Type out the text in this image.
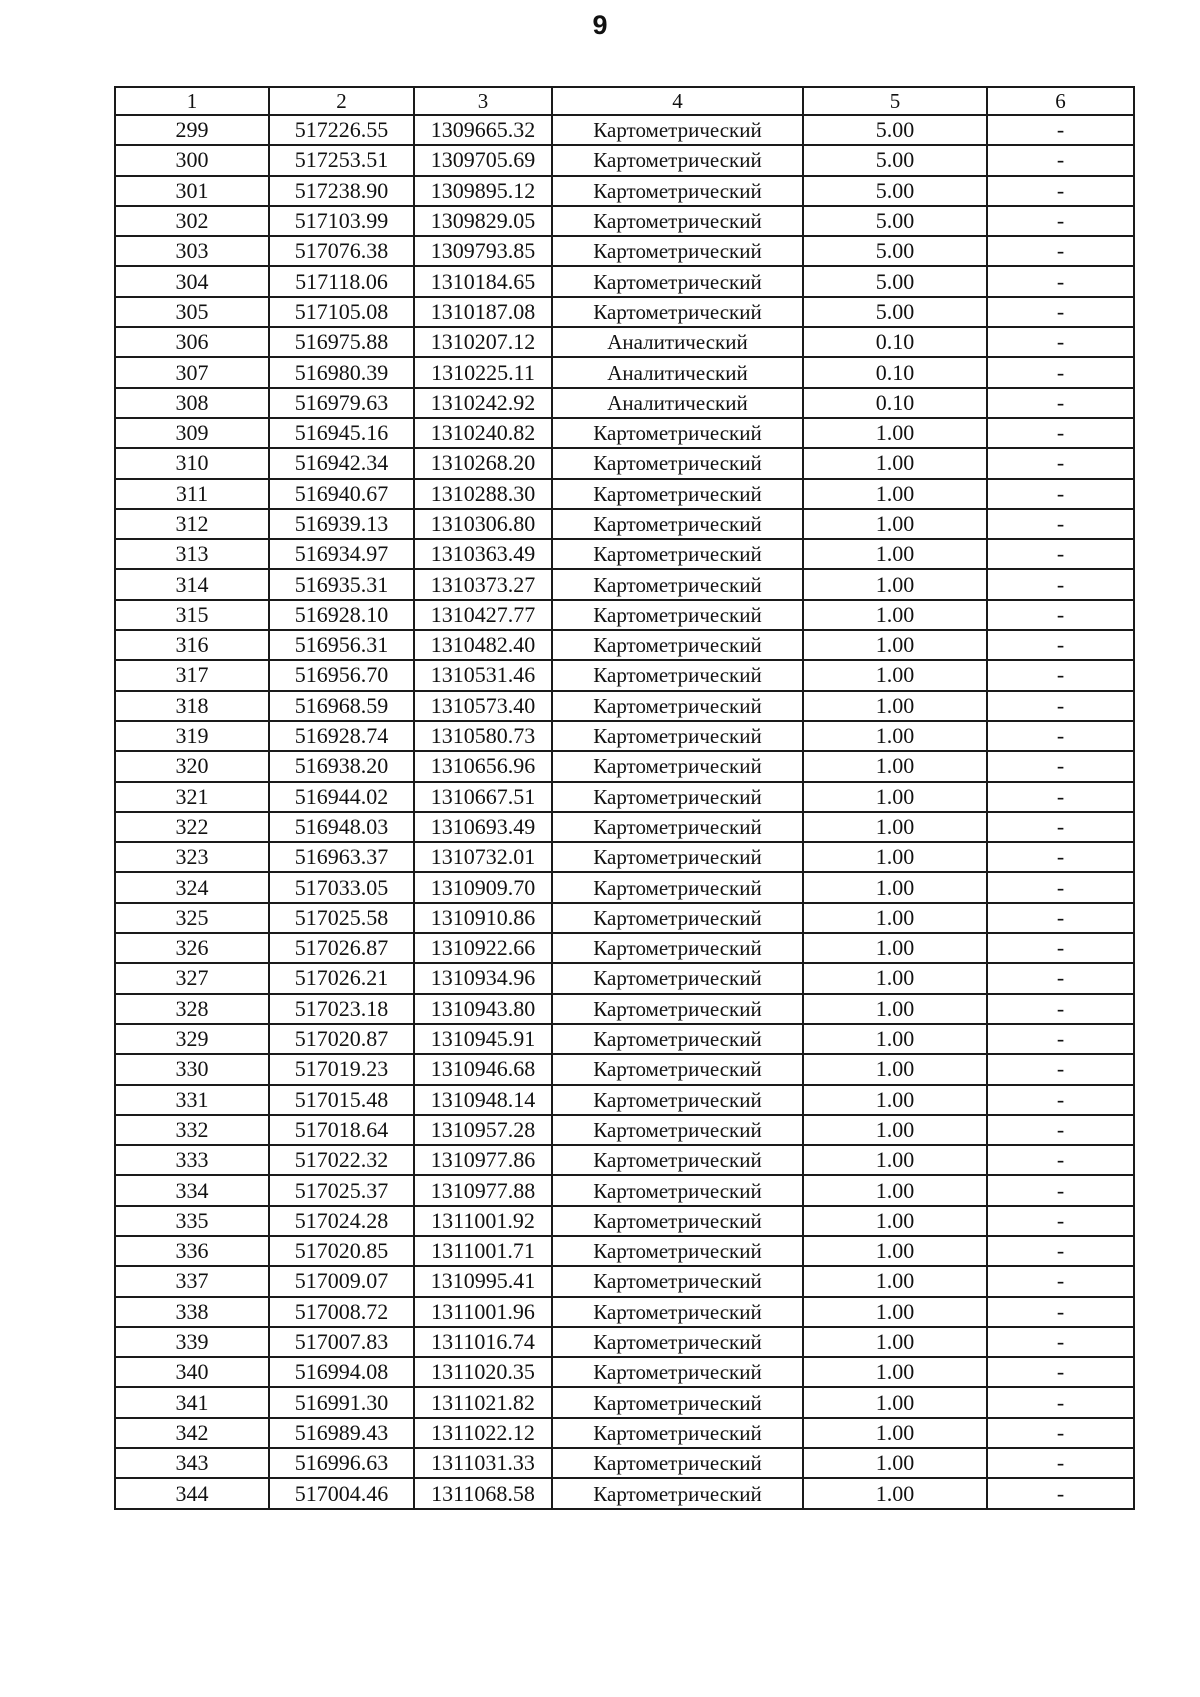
9
1	2	3	4	5	6
299	517226.55	1309665.32	Картометрический	5.00	-
300	517253.51	1309705.69	Картометрический	5.00	-
301	517238.90	1309895.12	Картометрический	5.00	-
302	517103.99	1309829.05	Картометрический	5.00	-
303	517076.38	1309793.85	Картометрический	5.00	-
304	517118.06	1310184.65	Картометрический	5.00	-
305	517105.08	1310187.08	Картометрический	5.00	-
306	516975.88	1310207.12	Аналитический	0.10	-
307	516980.39	1310225.11	Аналитический	0.10	-
308	516979.63	1310242.92	Аналитический	0.10	-
309	516945.16	1310240.82	Картометрический	1.00	-
310	516942.34	1310268.20	Картометрический	1.00	-
311	516940.67	1310288.30	Картометрический	1.00	-
312	516939.13	1310306.80	Картометрический	1.00	-
313	516934.97	1310363.49	Картометрический	1.00	-
314	516935.31	1310373.27	Картометрический	1.00	-
315	516928.10	1310427.77	Картометрический	1.00	-
316	516956.31	1310482.40	Картометрический	1.00	-
317	516956.70	1310531.46	Картометрический	1.00	-
318	516968.59	1310573.40	Картометрический	1.00	-
319	516928.74	1310580.73	Картометрический	1.00	-
320	516938.20	1310656.96	Картометрический	1.00	-
321	516944.02	1310667.51	Картометрический	1.00	-
322	516948.03	1310693.49	Картометрический	1.00	-
323	516963.37	1310732.01	Картометрический	1.00	-
324	517033.05	1310909.70	Картометрический	1.00	-
325	517025.58	1310910.86	Картометрический	1.00	-
326	517026.87	1310922.66	Картометрический	1.00	-
327	517026.21	1310934.96	Картометрический	1.00	-
328	517023.18	1310943.80	Картометрический	1.00	-
329	517020.87	1310945.91	Картометрический	1.00	-
330	517019.23	1310946.68	Картометрический	1.00	-
331	517015.48	1310948.14	Картометрический	1.00	-
332	517018.64	1310957.28	Картометрический	1.00	-
333	517022.32	1310977.86	Картометрический	1.00	-
334	517025.37	1310977.88	Картометрический	1.00	-
335	517024.28	1311001.92	Картометрический	1.00	-
336	517020.85	1311001.71	Картометрический	1.00	-
337	517009.07	1310995.41	Картометрический	1.00	-
338	517008.72	1311001.96	Картометрический	1.00	-
339	517007.83	1311016.74	Картометрический	1.00	-
340	516994.08	1311020.35	Картометрический	1.00	-
341	516991.30	1311021.82	Картометрический	1.00	-
342	516989.43	1311022.12	Картометрический	1.00	-
343	516996.63	1311031.33	Картометрический	1.00	-
344	517004.46	1311068.58	Картометрический	1.00	-
